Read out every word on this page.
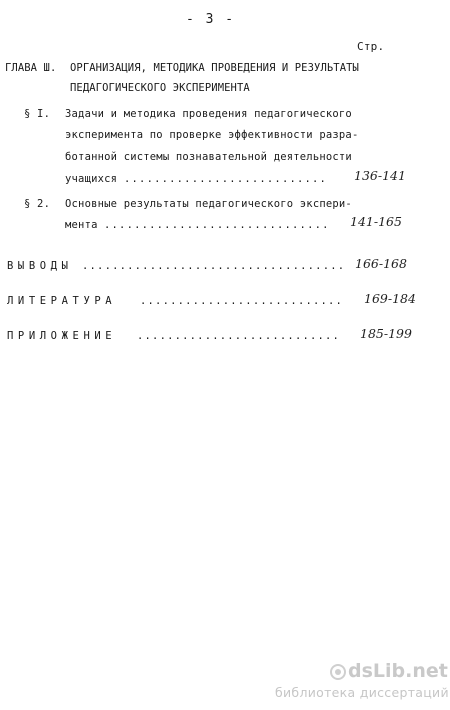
- 3 -
Стр.
ГЛАВА Ш. ОРГАНИЗАЦИЯ, МЕТОДИКА ПРОВЕДЕНИЯ И РЕЗУЛЬТАТЫ
ПЕДАГОГИЧЕСКОГО ЭКСПЕРИМЕНТА
§ I. Задачи и методика проведения педагогического
эксперимента по проверке эффективности разра-
ботанной системы познавательной деятельности
учащихся ........................... 136-141
§ 2. Основные результаты педагогического экспери-
мента .............................. 141-165
ВЫВОДЫ ................................... 166-168
ЛИТЕРАТУРА ........................... 169-184
ПРИЛОЖЕНИЕ ........................... 185-199
dsLib.net
библиотека диссертаций
